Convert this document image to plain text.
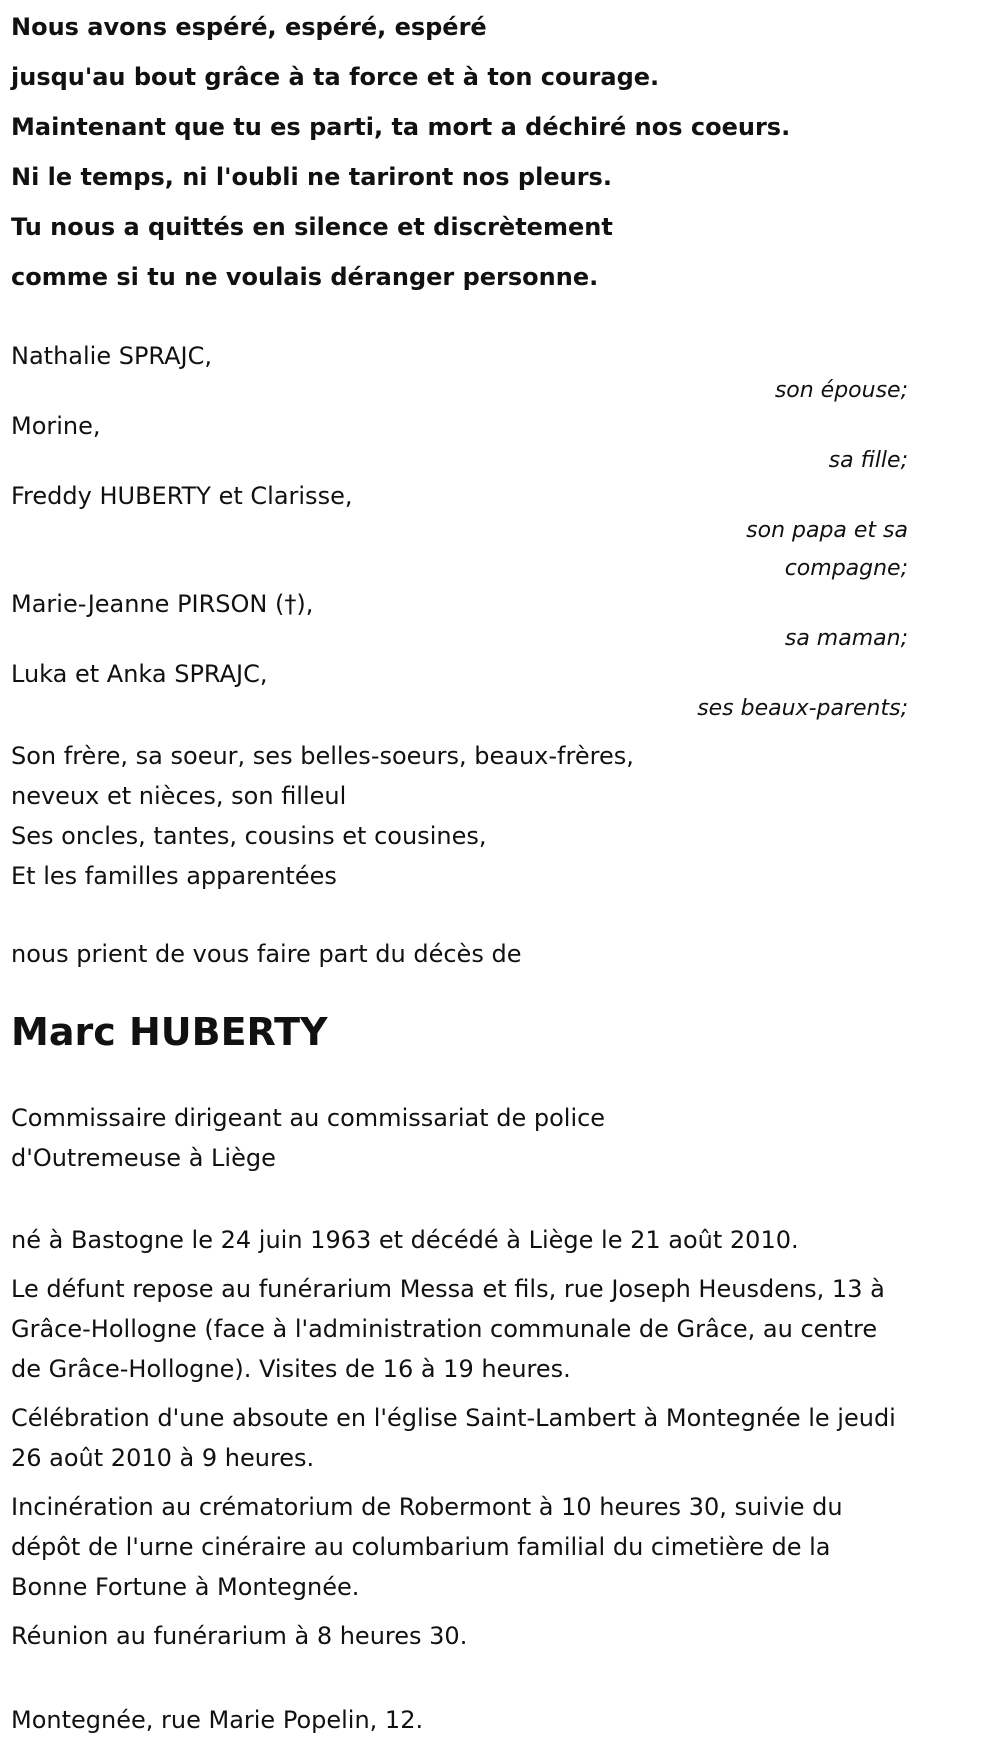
Nous avons espéré, espéré, espéré
jusqu'au bout grâce à ta force et à ton courage.
Maintenant que tu es parti, ta mort a déchiré nos coeurs.
Ni le temps, ni l'oubli ne tariront nos pleurs.
Tu nous a quittés en silence et discrètement
comme si tu ne voulais déranger personne.
Nathalie SPRAJC,
son épouse;
Morine,
sa fille;
Freddy HUBERTY et Clarisse,
son papa et sa compagne;
Marie-Jeanne PIRSON (†),
sa maman;
Luka et Anka SPRAJC,
ses beaux-parents;
Son frère, sa soeur, ses belles-soeurs, beaux-frères,
neveux et nièces, son filleul
Ses oncles, tantes, cousins et cousines,
Et les familles apparentées
nous prient de vous faire part du décès de
Marc HUBERTY
Commissaire dirigeant au commissariat de police
d'Outremeuse à Liège
né à Bastogne le 24 juin 1963 et décédé à Liège le 21 août 2010.
Le défunt repose au funérarium Messa et fils, rue Joseph Heusdens, 13 à Grâce-Hollogne (face à l'administration communale de Grâce, au centre de Grâce-Hollogne). Visites de 16 à 19 heures.
Célébration d'une absoute en l'église Saint-Lambert à Montegnée le jeudi 26 août 2010 à 9 heures.
Incinération au crématorium de Robermont à 10 heures 30, suivie du dépôt de l'urne cinéraire au columbarium familial du cimetière de la Bonne Fortune à Montegnée.
Réunion au funérarium à 8 heures 30.
Montegnée, rue Marie Popelin, 12.
